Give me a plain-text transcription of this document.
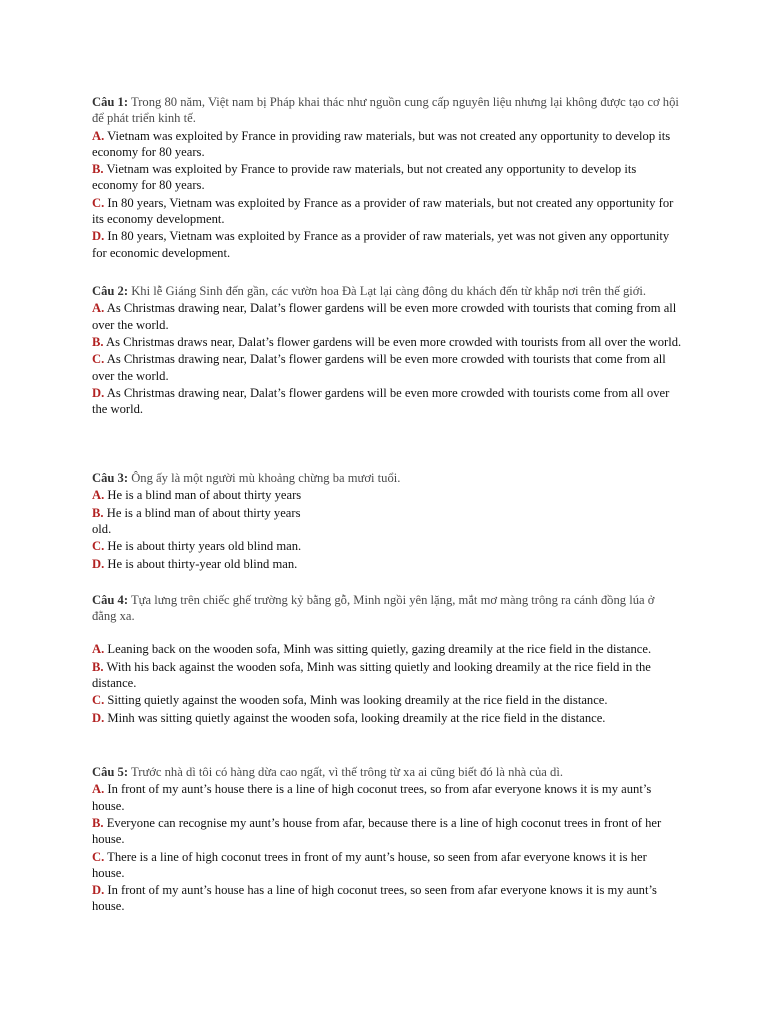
Câu 1: Trong 80 năm, Việt nam bị Pháp khai thác như nguồn cung cấp nguyên liệu nhưng lại không được tạo cơ hội để phát triển kinh tế.

A. Vietnam was exploited by France in providing raw materials, but was not created any opportunity to develop its economy for 80 years.

B. Vietnam was exploited by France to provide raw materials, but not created any opportunity to develop its economy for 80 years.

C. In 80 years, Vietnam was exploited by France as a provider of raw materials, but not created any opportunity for its economy development.

D. In 80 years, Vietnam was exploited by France as a provider of raw materials, yet was not given any opportunity for economic development.

Câu 2: Khi lễ Giáng Sinh đến gần, các vườn hoa Đà Lạt lại càng đông du khách đến từ khắp nơi trên thế giới.

A. As Christmas drawing near, Dalat’s flower gardens will be even more crowded with tourists that coming from all over the world.

B. As Christmas draws near, Dalat’s flower gardens will be even more crowded with tourists from all over the world.

C. As Christmas drawing near, Dalat’s flower gardens will be even more crowded with tourists that come from all over the world.

D. As Christmas drawing near, Dalat’s flower gardens will be even more crowded with tourists come from all over the world.

Câu 3: Ông ấy là một người mù khoảng chừng ba mươi tuổi.

A. He is a blind man of about thirty years

B. He is a blind man of about thirty years
old.

C. He is about thirty years old blind man.

D. He is about thirty-year old blind man.

Câu 4: Tựa lưng trên chiếc ghế trường kỷ bằng gỗ, Minh ngồi yên lặng, mắt mơ màng trông ra cánh đồng lúa ở đằng xa.

A. Leaning back on the wooden sofa, Minh was sitting quietly, gazing dreamily at the rice field in the distance.

B. With his back against the wooden sofa, Minh was sitting quietly and looking dreamily at the rice field in the distance.

C. Sitting quietly against the wooden sofa, Minh was looking dreamily at the rice field in the distance.

D. Minh was sitting quietly against the wooden sofa, looking dreamily at the rice field in the distance.

Câu 5: Trước nhà dì tôi có hàng dừa cao ngất, vì thế trông từ xa ai cũng biết đó là nhà của dì.

A. In front of my aunt’s house there is a line of high coconut trees, so from afar everyone knows it is my aunt’s house.

B. Everyone can recognise my aunt’s house from afar, because there is a line of high coconut trees in front of her house.

C. There is a line of high coconut trees in front of my aunt’s house, so seen from afar everyone knows it is her house.

D. In front of my aunt’s house has a line of high coconut trees, so seen from afar everyone knows it is my aunt’s house.
